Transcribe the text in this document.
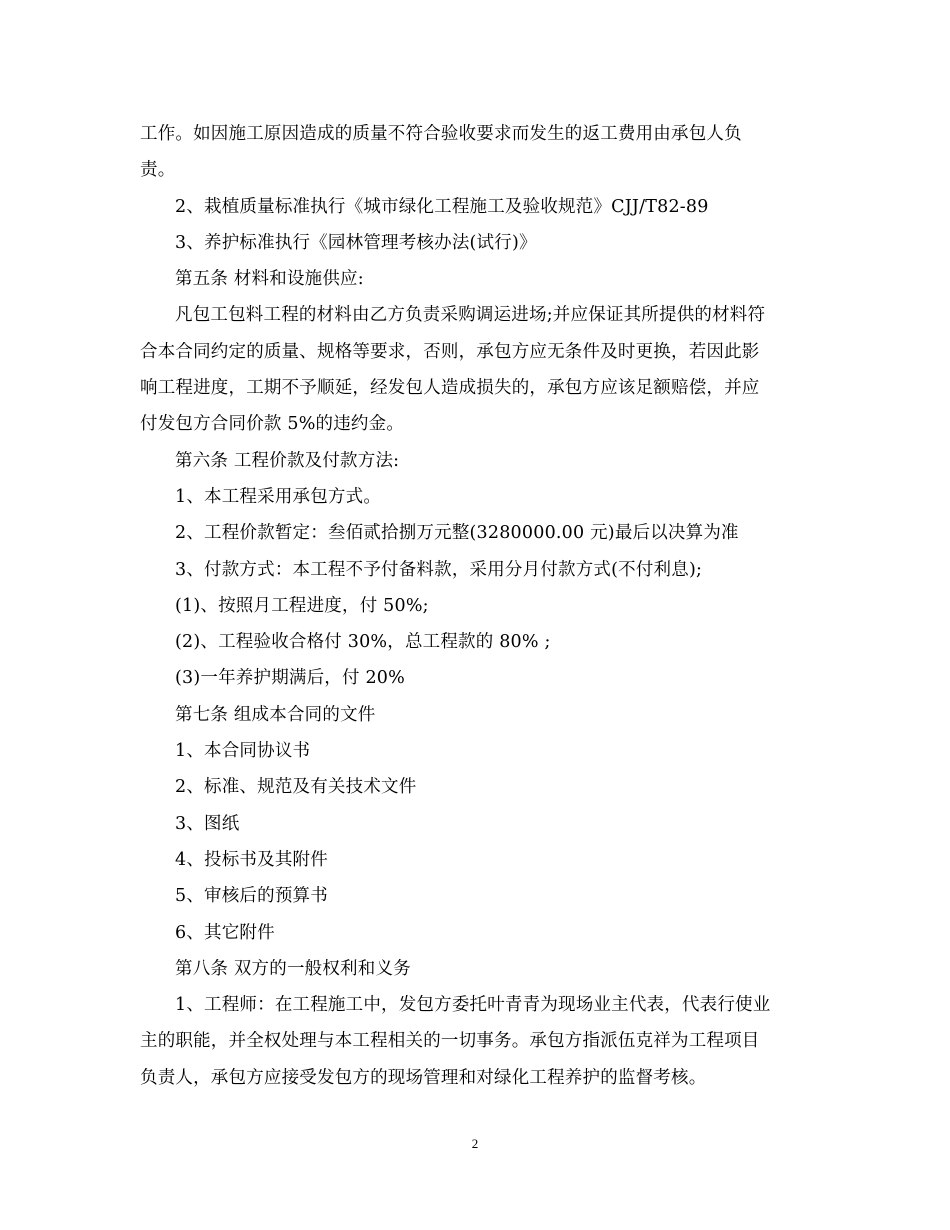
工作。如因施工原因造成的质量不符合验收要求而发生的返工费用由承包人负
责。
2、栽植质量标准执行《城市绿化工程施工及验收规范》CJJ/T82-89
3、养护标准执行《园林管理考核办法(试行)》
第五条 材料和设施供应:
凡包工包料工程的材料由乙方负责采购调运进场;并应保证其所提供的材料符
合本合同约定的质量、规格等要求，否则，承包方应无条件及时更换，若因此影
响工程进度，工期不予顺延，经发包人造成损失的，承包方应该足额赔偿，并应
付发包方合同价款 5%的违约金。
第六条 工程价款及付款方法:
1、本工程采用承包方式。
2、工程价款暂定：叁佰贰拾捌万元整(3280000.00 元)最后以决算为准
3、付款方式：本工程不予付备料款，采用分月付款方式(不付利息);
(1)、按照月工程进度，付 50%;
(2)、工程验收合格付 30%，总工程款的 80% ;
(3)一年养护期满后，付 20%
第七条 组成本合同的文件
1、本合同协议书
2、标准、规范及有关技术文件
3、图纸
4、投标书及其附件
5、审核后的预算书
6、其它附件
第八条 双方的一般权利和义务
1、工程师：在工程施工中，发包方委托叶青青为现场业主代表，代表行使业
主的职能，并全权处理与本工程相关的一切事务。承包方指派伍克祥为工程项目
负责人，承包方应接受发包方的现场管理和对绿化工程养护的监督考核。
2
